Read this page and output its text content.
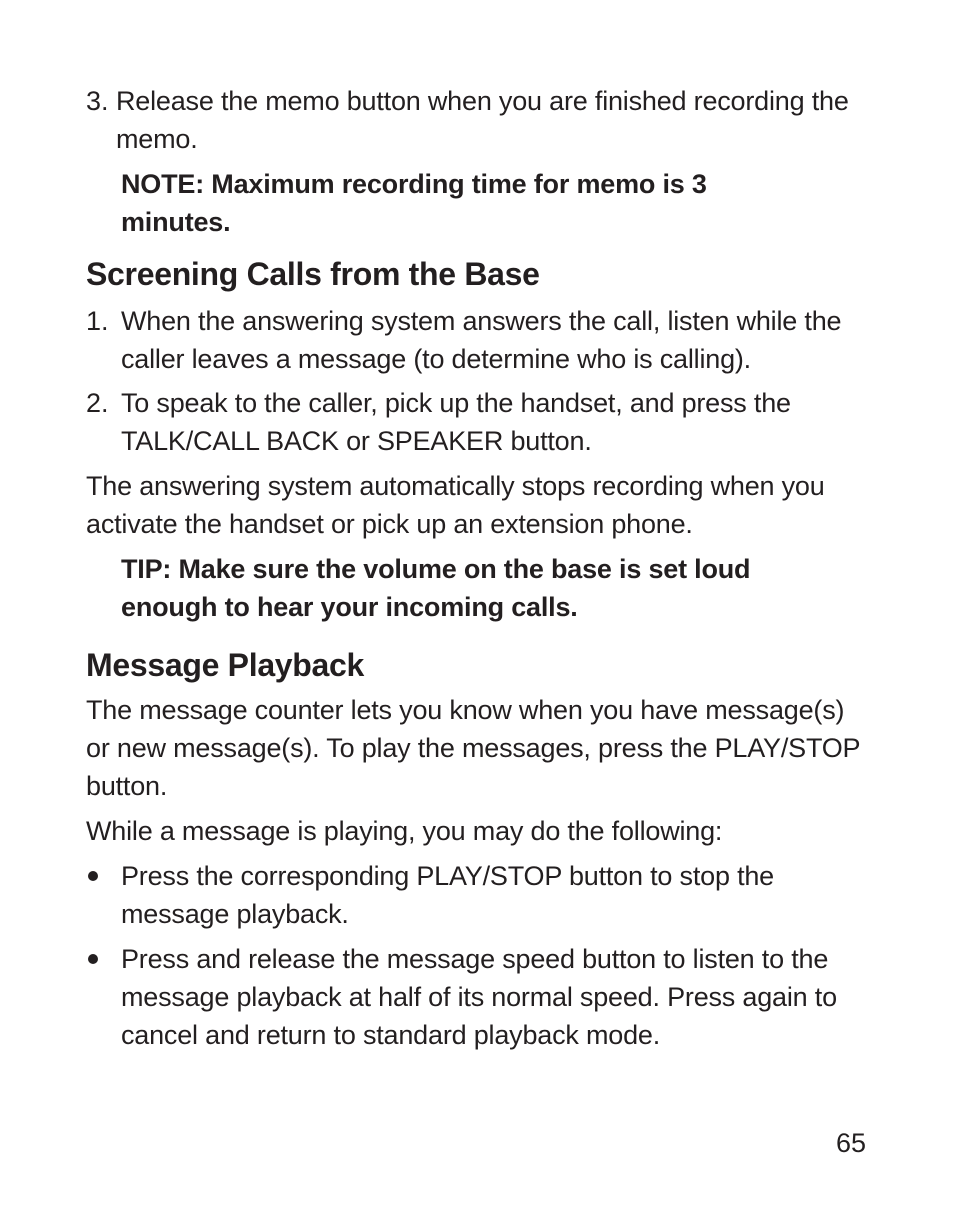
3. Release the memo button when you are finished recording the memo.
NOTE: Maximum recording time for memo is 3 minutes.
Screening Calls from the Base
1. When the answering system answers the call, listen while the caller leaves a message (to determine who is calling).
2. To speak to the caller, pick up the handset, and press the TALK/CALL BACK or SPEAKER button.
The answering system automatically stops recording when you activate the handset or pick up an extension phone.
TIP: Make sure the volume on the base is set loud enough to hear your incoming calls.
Message Playback
The message counter lets you know when you have message(s) or new message(s). To play the messages, press the PLAY/STOP button.
While a message is playing, you may do the following:
Press the corresponding PLAY/STOP button to stop the message playback.
Press and release the message speed button to listen to the message playback at half of its normal speed. Press again to cancel and return to standard playback mode.
65
